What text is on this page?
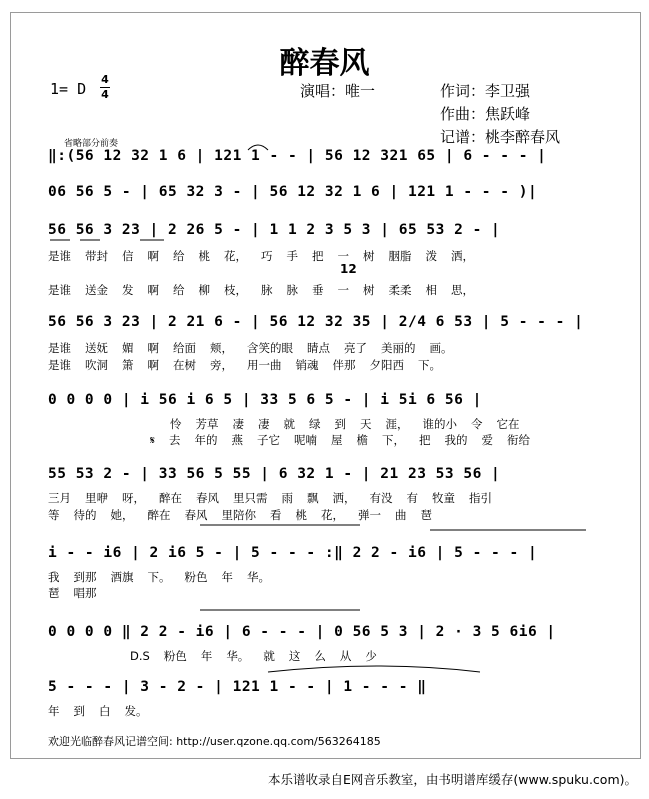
醉春风
1= D
4
4	演唱：唯一	作词：李卫强
作曲：焦跃峰
记谱：桃李醉春风
省略部分前奏
‖:(56 12 32 1 6 | 121 1 - - | 56 12 321 65 | 6 - - - |
06 56 5 - | 65 32 3 - | 56 12 32 1 6 | 121 1 - - - )|
56 56 3 23 | 2 26 5 - | 1 1 2 3 5 3 | 65 53 2 - |
56 56 3 23 | 2 21 6 - | 56 12 32 35 | 2/4 6 53 | 5 - - - |
0 0 0 0 | i 56 i 6 5 | 33 5 6 5 - | i 5i 6 56 |
55 53 2 - | 33 56 5 55 | 6 32 1 - | 21 23 53 56 |
i - - i6 | 2 i6 5 - | 5 - - - :‖ 2 2 - i6 | 5 - - - |
0 0 0 0 ‖ 2 2 - i6 | 6 - - - | 0 56 5 3 | 2 · 3 5 6i6 |
5 - - - | 3 - 2 - | 121 1 - - | 1 - - - ‖
是谁 带封 信 啊 给 桃 花， 巧 手 把 一 树 胭脂 泼 洒，
12
是谁 送金 发 啊 给 柳 枝， 脉 脉 垂 一 树 柔柔 相 思，
是谁 送妩 媚 啊 给面 颊， 含笑的眼 睛点 亮了 美丽的 画。
是谁 吹洞 箫 啊 在树 旁， 用一曲 销魂 伴那 夕阳西 下。
怜 芳草 凄 凄 就 绿 到 天 涯， 谁的小 令 它在
𝄋 去 年的 燕 子它 呢喃 屋 檐 下， 把 我的 爱 衔给
三月 里咿 呀， 醉在 春风 里只需 雨 飘 洒， 有没 有 牧童 指引
等 待的 她， 醉在 春风 里陪你 看 桃 花， 弹一 曲 琶
我 到那 酒旗 下。 粉色 年 华。
琶 唱那
D.S 粉色 年 华。 就 这 么 从 少
年 到 白 发。
欢迎光临醉春风记谱空间: http://user.qzone.qq.com/563264185
本乐谱收录自E网音乐教室，由书明谱库缓存(www.spuku.com)。
